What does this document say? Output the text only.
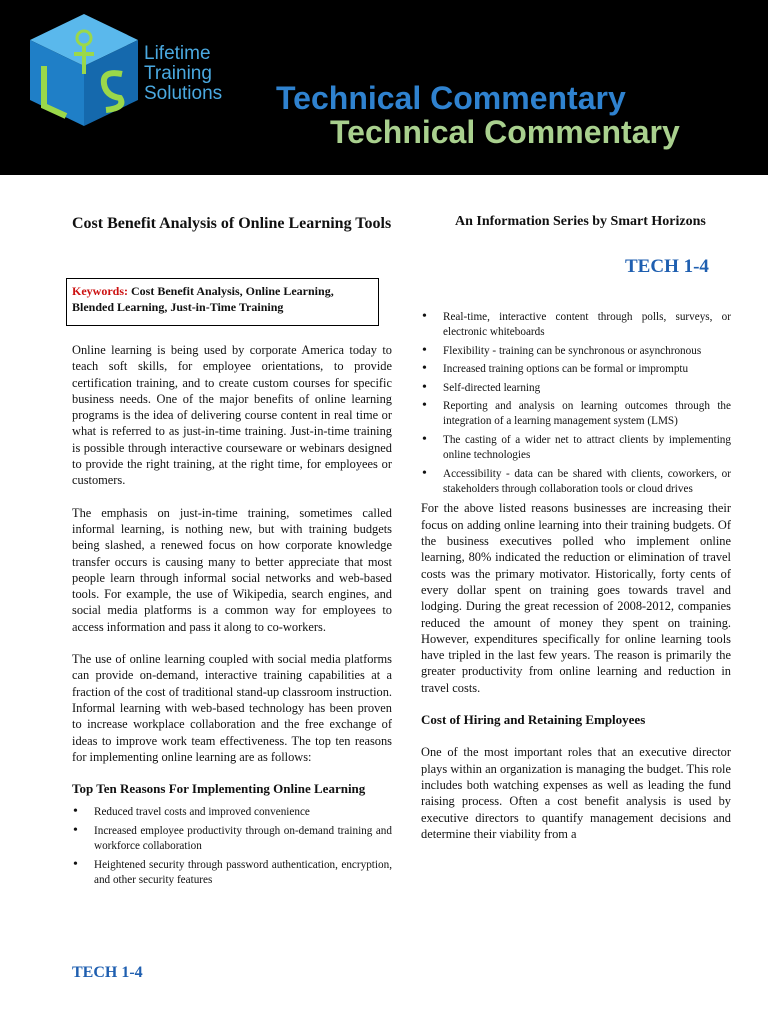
Lifetime
Training
Solutions Technical Commentary
Technical Commentary
Cost Benefit Analysis of Online Learning Tools	An Information Series by Smart Horizons
TECH 1-4
Keywords: Cost Benefit Analysis, Online Learning,
Blended Learning, Just-in-Time Training

Online learning is being used by corporate America today to teach soft skills, for employee orientations, to provide certification training, and to create custom courses for specific business needs. One of the major benefits of online learning programs is the idea of delivering course content in real time or what is referred to as just-in-time training. Just-in-time training is possible through interactive courseware or webinars designed to provide the right training, at the right time, for employees or customers.

The emphasis on just-in-time training, sometimes called informal learning, is nothing new, but with training budgets being slashed, a renewed focus on how corporate knowledge transfer occurs is causing many to better appreciate that most people learn through informal social networks and web-based tools. For example, the use of Wikipedia, search engines, and social media platforms is a common way for employees to access information and pass it along to co-workers.

The use of online learning coupled with social media platforms can provide on-demand, interactive training capabilities at a fraction of the cost of traditional stand-up classroom instruction. Informal learning with web-based technology has been proven to increase workplace collaboration and the free exchange of ideas to improve work team effectiveness. The top ten reasons for implementing online learning are as follows:

Top Ten Reasons For Implementing Online Learning
• Reduced travel costs and improved convenience
• Increased employee productivity through on-demand training and workforce collaboration
• Heightened security through password authentication, encryption, and other security features
• Real-time, interactive content through polls, surveys, or electronic whiteboards
• Flexibility - training can be synchronous or asynchronous
• Increased training options can be formal or impromptu
• Self-directed learning
• Reporting and analysis on learning outcomes through the integration of a learning management system (LMS)
• The casting of a wider net to attract clients by implementing online technologies
• Accessibility - data can be shared with clients, coworkers, or stakeholders through collaboration tools or cloud drives

For the above listed reasons businesses are increasing their focus on adding online learning into their training budgets. Of the business executives polled who implement online learning, 80% indicated the reduction or elimination of travel costs was the primary motivator. Historically, forty cents of every dollar spent on training goes towards travel and lodging. During the great recession of 2008-2012, companies reduced the amount of money they spent on training. However, expenditures specifically for online learning tools have tripled in the last few years. The reason is primarily the greater productivity from online learning and reduction in travel costs.

Cost of Hiring and Retaining Employees

One of the most important roles that an executive director plays within an organization is managing the budget. This role includes both watching expenses as well as leading the fund raising process. Often a cost benefit analysis is used by executive directors to quantify management decisions and determine their viability from a

TECH 1-4
